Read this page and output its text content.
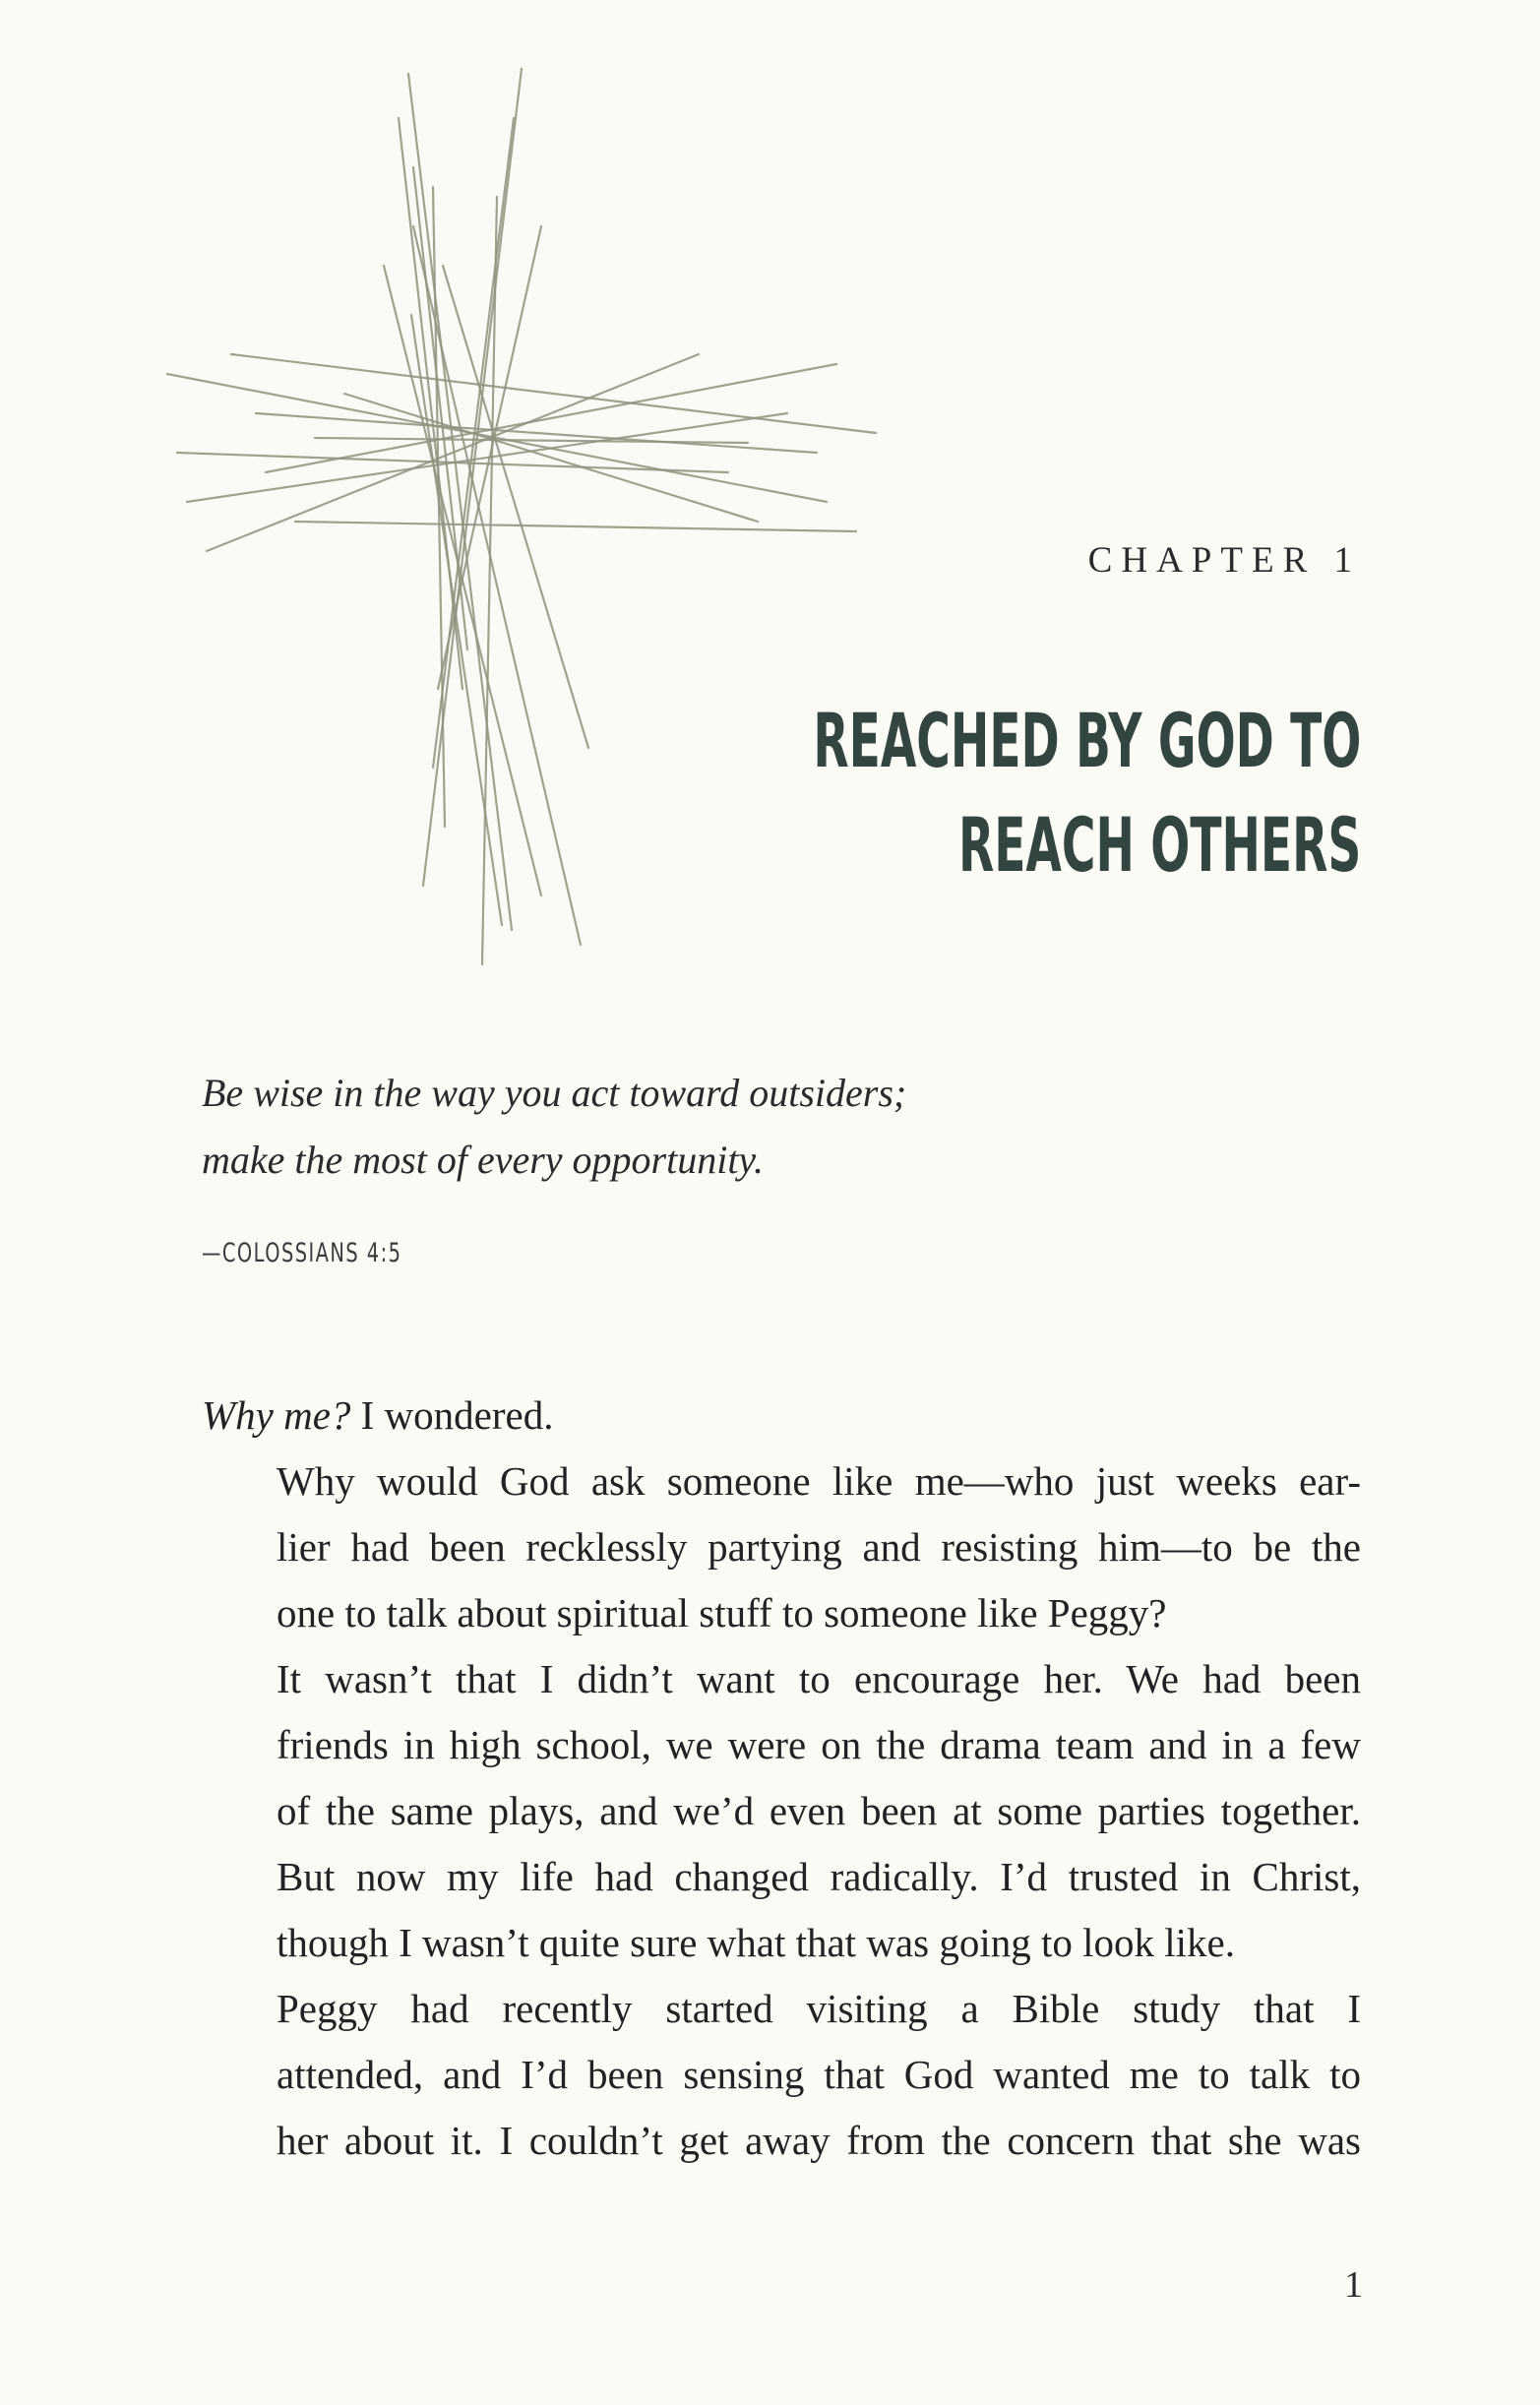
CHAPTER 1

REACHED BY GOD TO
REACH OTHERS
Be wise in the way you act toward outsiders;
make the most of every opportunity.

—COLOSSIANS 4:5

Why me? I wondered.

Why would God ask someone like me—who just weeks ear-
lier had been recklessly partying and resisting him—to be the
one to talk about spiritual stuff to someone like Peggy?

It wasn’t that I didn’t want to encourage her. We had been
friends in high school, we were on the drama team and in a few
of the same plays, and we’d even been at some parties together.
But now my life had changed radically. I’d trusted in Christ,
though I wasn’t quite sure what that was going to look like.

Peggy had recently started visiting a Bible study that I
attended, and I’d been sensing that God wanted me to talk to
her about it. I couldn’t get away from the concern that she was

1
